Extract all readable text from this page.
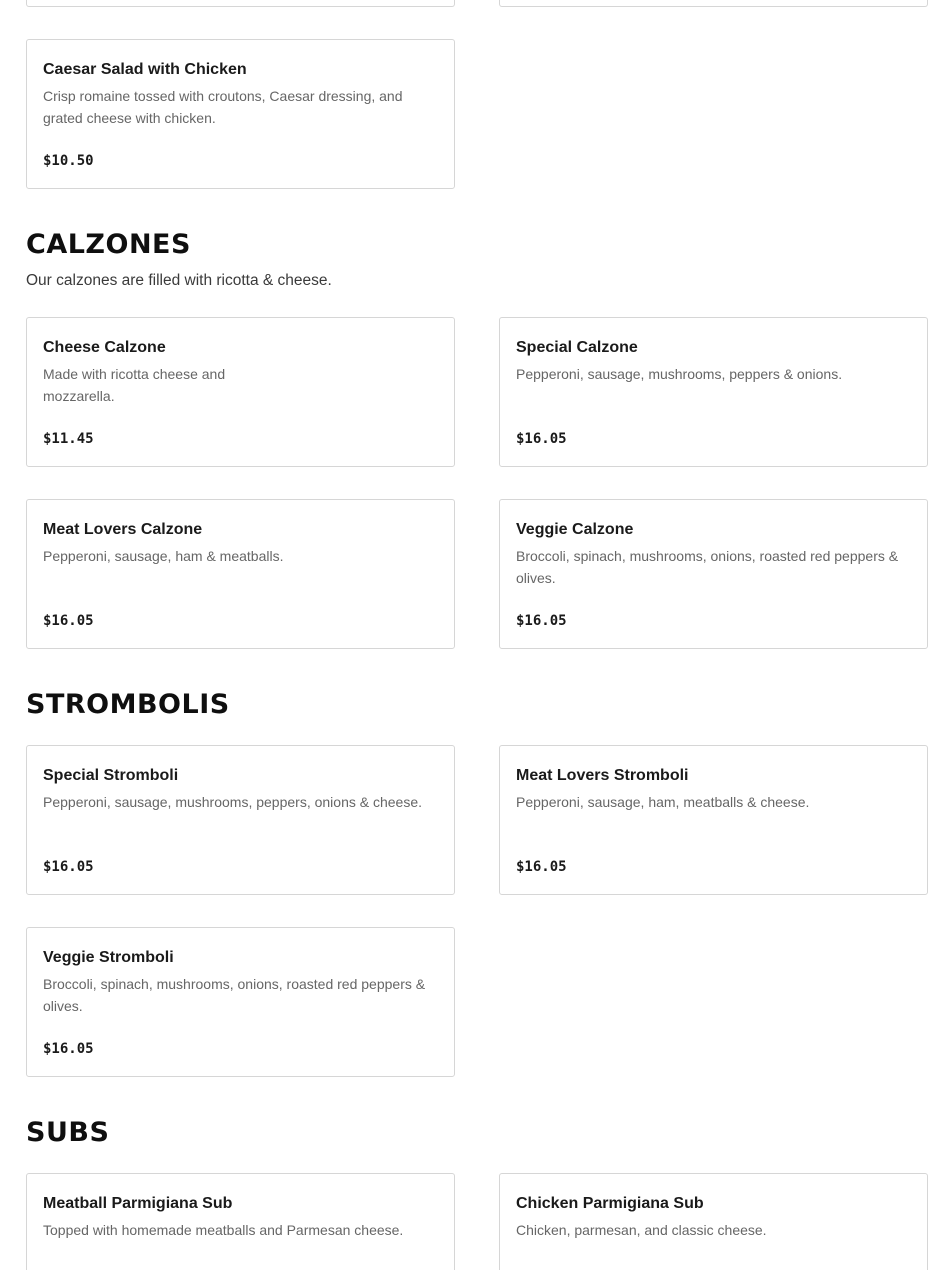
Caesar Salad with Chicken
Crisp romaine tossed with croutons, Caesar dressing, and grated cheese with chicken.
$10.50
CALZONES
Our calzones are filled with ricotta & cheese.
Cheese Calzone
Made with ricotta cheese and mozzarella.
$11.45
Special Calzone
Pepperoni, sausage, mushrooms, peppers & onions.
$16.05
Meat Lovers Calzone
Pepperoni, sausage, ham & meatballs.
$16.05
Veggie Calzone
Broccoli, spinach, mushrooms, onions, roasted red peppers & olives.
$16.05
STROMBOLIS
Special Stromboli
Pepperoni, sausage, mushrooms, peppers, onions & cheese.
$16.05
Meat Lovers Stromboli
Pepperoni, sausage, ham, meatballs & cheese.
$16.05
Veggie Stromboli
Broccoli, spinach, mushrooms, onions, roasted red peppers & olives.
$16.05
SUBS
Meatball Parmigiana Sub
Topped with homemade meatballs and Parmesan cheese.
Chicken Parmigiana Sub
Chicken, parmesan, and classic cheese.
